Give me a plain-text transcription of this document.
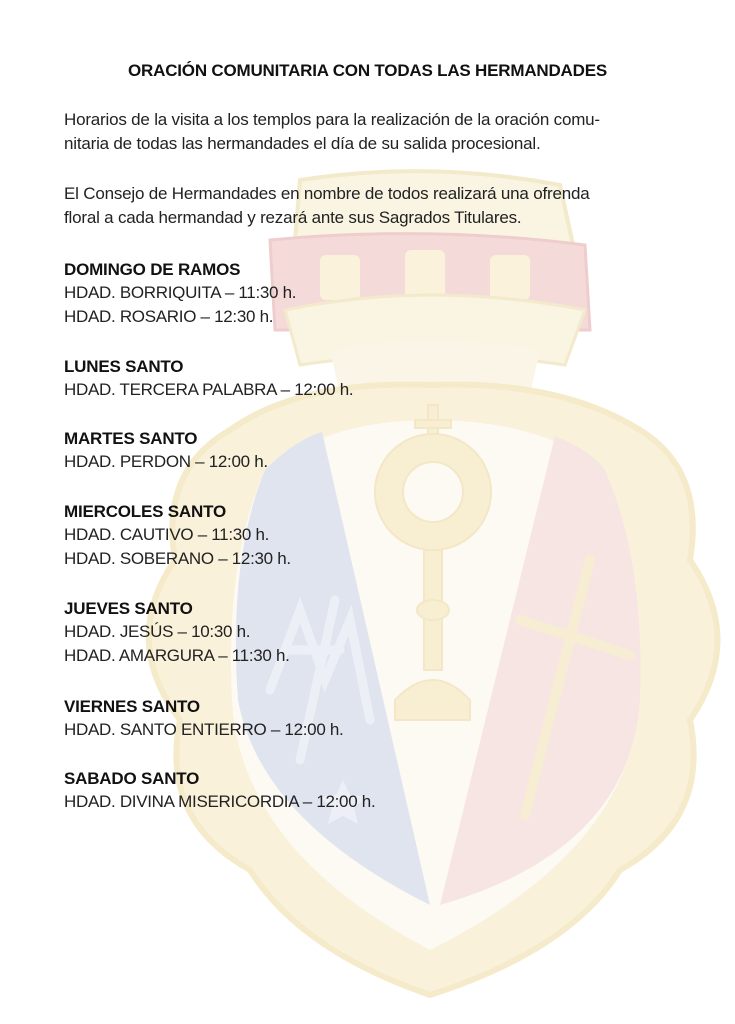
ORACIÓN COMUNITARIA CON TODAS LAS HERMANDADES
Horarios de la visita a los templos para la realización de la oración comu-
nitaria de todas las hermandades el día de su salida procesional.
El Consejo de Hermandades en nombre de todos realizará una ofrenda
floral a cada hermandad y rezará ante sus Sagrados Titulares.
DOMINGO DE RAMOS
HDAD. BORRIQUITA – 11:30 h.
HDAD. ROSARIO – 12:30 h.
LUNES SANTO
HDAD. TERCERA PALABRA – 12:00 h.
MARTES SANTO
HDAD. PERDON – 12:00 h.
MIERCOLES SANTO
HDAD. CAUTIVO – 11:30 h.
HDAD. SOBERANO – 12:30 h.
JUEVES SANTO
HDAD. JESÚS – 10:30 h.
HDAD. AMARGURA – 11:30 h.
VIERNES SANTO
HDAD. SANTO ENTIERRO – 12:00 h.
SABADO SANTO
HDAD. DIVINA MISERICORDIA – 12:00 h.
